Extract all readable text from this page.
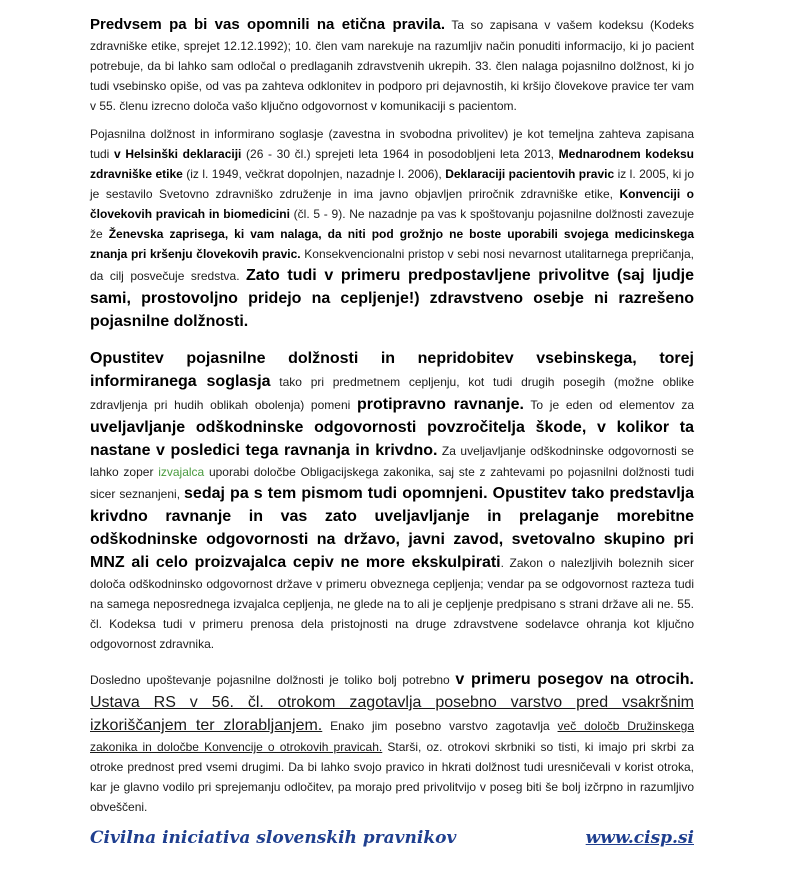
Predvsem pa bi vas opomnili na etična pravila. Ta so zapisana v vašem kodeksu (Kodeks zdravniške etike, sprejet 12.12.1992); 10. člen vam narekuje na razumljiv način ponuditi informacijo, ki jo pacient potrebuje, da bi lahko sam odločal o predlaganih zdravstvenih ukrepih. 33. člen nalaga pojasnilno dolžnost, ki jo tudi vsebinsko opiše, od vas pa zahteva odklonitev in podporo pri dejavnostih, ki kršijo človekove pravice ter vam v 55. členu izrecno določa vašo ključno odgovornost v komunikaciji s pacientom.

Pojasnilna dolžnost in informirano soglasje (zavestna in svobodna privolitev) je kot temeljna zahteva zapisana tudi v Helsinški deklaraciji (26 - 30 čl.) sprejeti leta 1964 in posodobljeni leta 2013, Mednarodnem kodeksu zdravniške etike (iz l. 1949, večkrat dopolnjen, nazadnje l. 2006), Deklaraciji pacientovih pravic iz l. 2005, ki jo je sestavilo Svetovno zdravniško združenje in ima javno objavljen priročnik zdravniške etike, Konvenciji o človekovih pravicah in biomedicini (čl. 5 - 9). Ne nazadnje pa vas k spoštovanju pojasnilne dolžnosti zavezuje že Ženevska zaprisega, ki vam nalaga, da niti pod grožnjo ne boste uporabili svojega medicinskega znanja pri kršenju človekovih pravic. Konsekvencionalni pristop v sebi nosi nevarnost utalitarnega prepričanja, da cilj posvečuje sredstva. Zato tudi v primeru predpostavljene privolitve (saj ljudje sami, prostovoljno pridejo na cepljenje!) zdravstveno osebje ni razrešeno pojasnilne dolžnosti.

Opustitev pojasnilne dolžnosti in nepridobitev vsebinskega, torej informiranega soglasja tako pri predmetnem cepljenju, kot tudi drugih posegih (možne oblike zdravljenja pri hudih oblikah obolenja) pomeni protipravno ravnanje. To je eden od elementov za uveljavljanje odškodninske odgovornosti povzročitelja škode, v kolikor ta nastane v posledici tega ravnanja in krivdno. Za uveljavljanje odškodninske odgovornosti se lahko zoper izvajalca uporabi določbe Obligacijskega zakonika, saj ste z zahtevami po pojasnilni dolžnosti tudi sicer seznanjeni, sedaj pa s tem pismom tudi opomnjeni. Opustitev tako predstavlja krivdno ravnanje in vas zato uveljavljanje in prelaganje morebitne odškodninske odgovornosti na državo, javni zavod, svetovalno skupino pri MNZ ali celo proizvajalca cepiv ne more ekskulpirati. Zakon o nalezljivih boleznih sicer določa odškodninsko odgovornost države v primeru obveznega cepljenja; vendar pa se odgovornost razteza tudi na samega neposrednega izvajalca cepljenja, ne glede na to ali je cepljenje predpisano s strani države ali ne. 55. čl. Kodeksa tudi v primeru prenosa dela pristojnosti na druge zdravstvene sodelavce ohranja kot ključno odgovornost zdravnika.

Dosledno upoštevanje pojasnilne dolžnosti je toliko bolj potrebno v primeru posegov na otrocih. Ustava RS v 56. čl. otrokom zagotavlja posebno varstvo pred vsakršnim izkoriščanjem ter zlorabljanjem. Enako jim posebno varstvo zagotavlja več določb Družinskega zakonika in določbe Konvencije o otrokovih pravicah. Starši, oz. otrokovi skrbniki so tisti, ki imajo pri skrbi za otroke prednost pred vsemi drugimi. Da bi lahko svojo pravico in hkrati dolžnost tudi uresničevali v korist otroka, kar je glavno vodilo pri sprejemanju odločitev, pa morajo pred privolitvijo v poseg biti še bolj izčrpno in razumljivo obveščeni.

Civilna iniciativa slovenskih pravnikov	www.cisp.si
